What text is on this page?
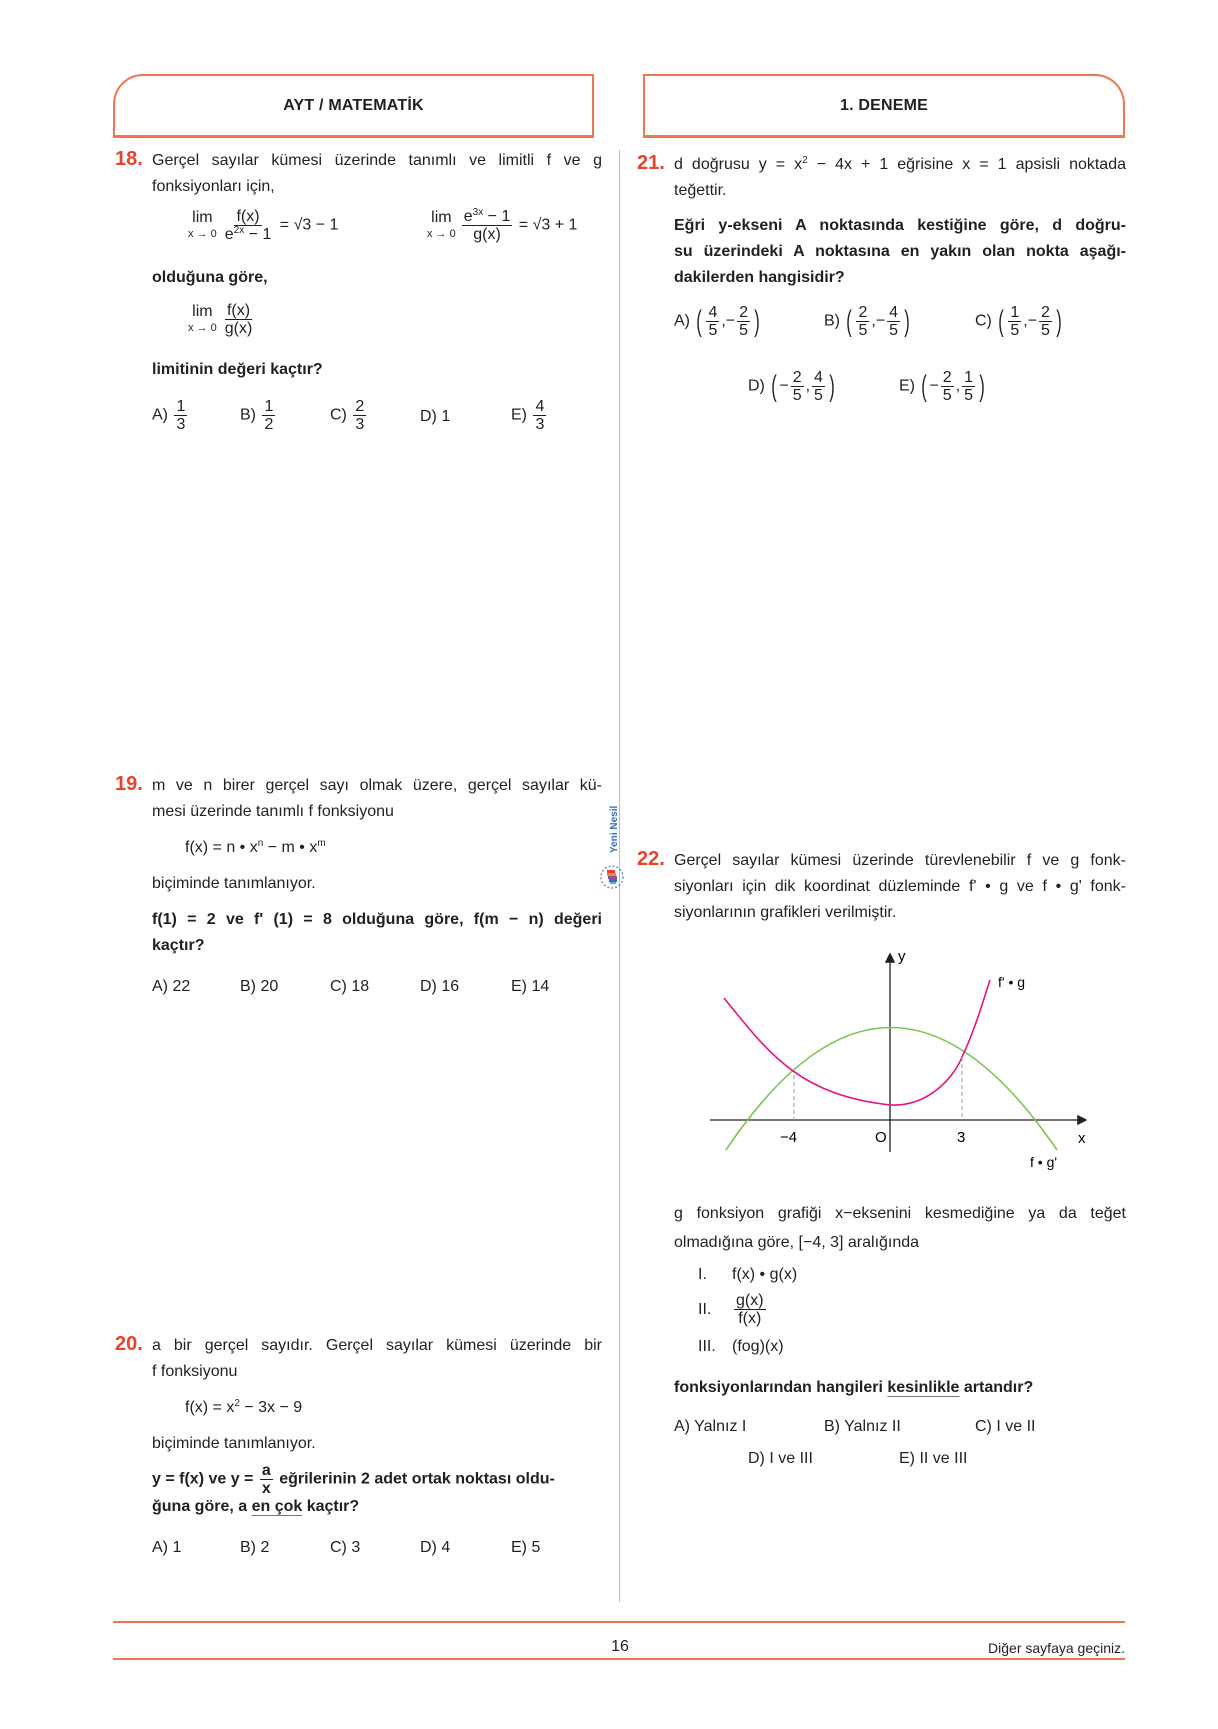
AYT / MATEMATİK	1. DENEME
Yeni Nesil
18. Gerçel sayılar kümesi üzerinde tanımlı ve limitli f ve g
fonksiyonları için,
lim
$x \to 0 \frac{f(x)}{e^{2x} - 1} = √3 - 1$	lim
$x \to 0 \frac{e^{3x} - 1}{g(x)} = √3 + 1$
olduğuna göre,
lim
$x \to 0 \frac{f(x)}{g(x)}$
limitinin değeri kaçtır?
$A) \frac{1}{3}$	$B) \frac{1}{2}$	$C) \frac{2}{3}$	D) 1	$E) \frac{4}{3}$
19. m ve n birer gerçel sayı olmak üzere, gerçel sayılar kü-
mesi üzerinde tanımlı f fonksiyonu
f(x) = n • $x^n - m$ • $x^m$
biçiminde tanımlanıyor.
f(1) = 2 ve f' (1) = 8 olduğuna göre, f(m − n) değeri
kaçtır?
A) 22	B) 20	C) 18	D) 16	E) 14
20. a bir gerçel sayıdır. Gerçel sayılar kümesi üzerinde bir
f fonksiyonu
$f(x) = x^2 - 3x - 9$
biçiminde tanımlanıyor.
y = f(x) ve $y = \frac{a}{x}$ eğrilerinin 2 adet ortak noktası oldu-
ğuna göre, a en çok kaçtır?
A) 1	B) 2	C) 3	D) 4	E) 5
21. d doğrusu $y = x^2 - 4x + 1$ eğrisine x = 1 apsisli noktada
teğettir.
Eğri y-ekseni A noktasında kestiğine göre, d doğru-
su üzerindeki A noktasına en yakın olan nokta aşağı-
dakilerden hangisidir?
A) ( $\frac{4}{5}$ ,− $\frac{2}{5}$ )	B) ( $\frac{2}{5}$ ,− $\frac{4}{5}$ )	C) ( $\frac{1}{5}$ ,− $\frac{2}{5}$ )
D) ( − $\frac{2}{5}$ , $\frac{4}{5}$ )	E) ( − $\frac{2}{5}$ , $\frac{1}{5}$ )
22. Gerçel sayılar kümesi üzerinde türevlenebilir f ve g fonk-
siyonları için dik koordinat düzleminde f' • g ve f • g' fonk-
siyonlarının grafikleri verilmiştir.
y
x
O
−4	3
f' • g
f • g'
g fonksiyon grafiği x−eksenini kesmediğine ya da teğet
olmadığına göre, [−4, 3] aralığında
I. f(x) • g(x)
II. $\frac{g(x)}{f(x)}$
III. (fog)(x)
fonksiyonlarından hangileri kesinlikle artandır?
A) Yalnız I	B) Yalnız II	C) I ve II
D) I ve III	E) II ve III
16	Diğer sayfaya geçiniz.
